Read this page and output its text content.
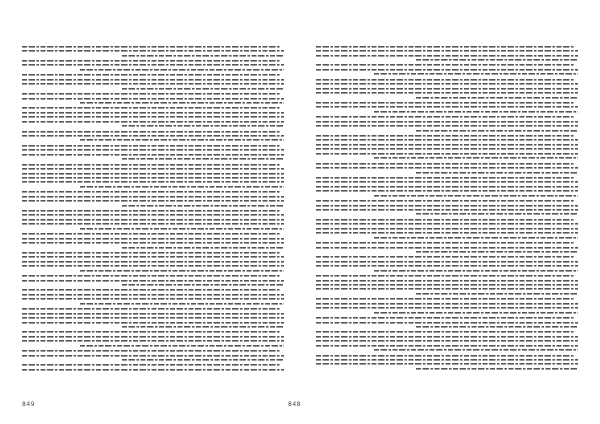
849	848
